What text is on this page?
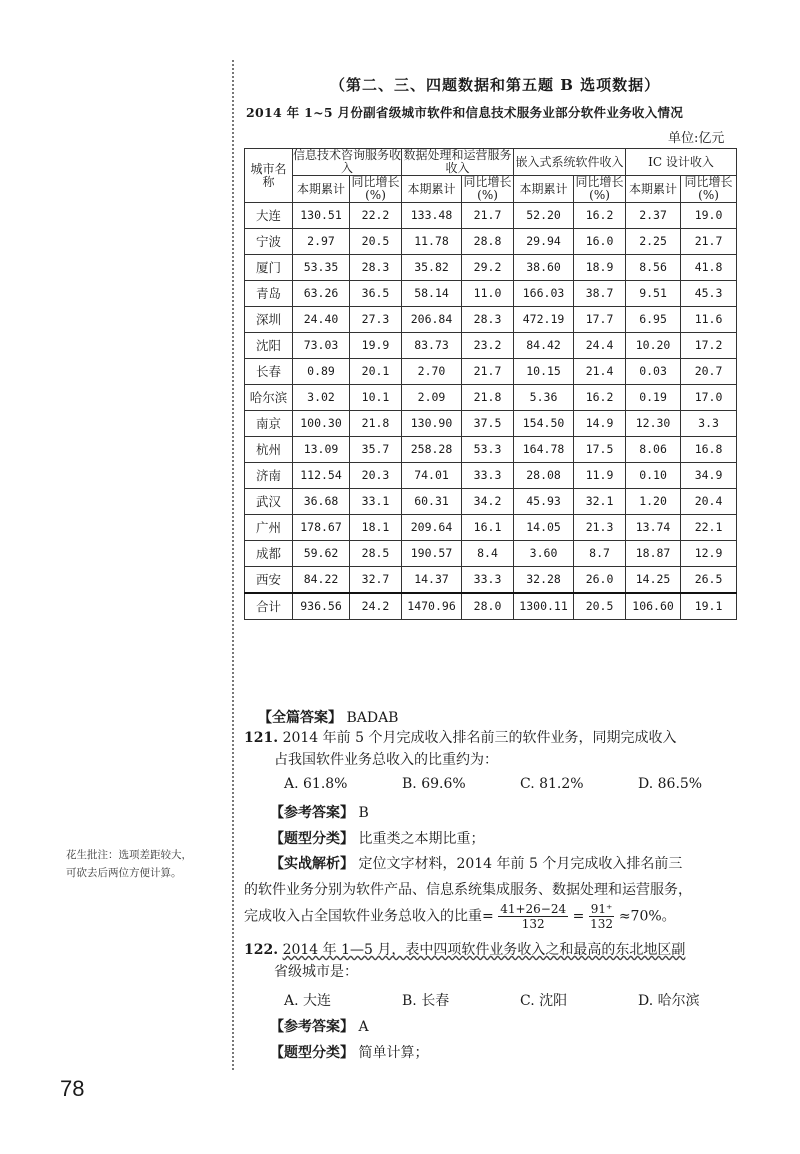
（第二、三、四题数据和第五题 B 选项数据）
2014 年 1~5 月份副省级城市软件和信息技术服务业部分软件业务收入情况
单位:亿元
城市名称	信息技术咨询服务收入		数据处理和运营服务收入		嵌入式系统软件收入		IC 设计收入	

	本期累计	同比增长(%)	本期累计	同比增长(%)	本期累计	同比增长(%)	本期累计	同比增长(%)

大连	130.51	22.2	133.48	21.7	52.20	16.2	2.37	19.0
宁波	2.97	20.5	11.78	28.8	29.94	16.0	2.25	21.7
厦门	53.35	28.3	35.82	29.2	38.60	18.9	8.56	41.8
青岛	63.26	36.5	58.14	11.0	166.03	38.7	9.51	45.3
深圳	24.40	27.3	206.84	28.3	472.19	17.7	6.95	11.6
沈阳	73.03	19.9	83.73	23.2	84.42	24.4	10.20	17.2
长春	0.89	20.1	2.70	21.7	10.15	21.4	0.03	20.7
哈尔滨	3.02	10.1	2.09	21.8	5.36	16.2	0.19	17.0
南京	100.30	21.8	130.90	37.5	154.50	14.9	12.30	3.3
杭州	13.09	35.7	258.28	53.3	164.78	17.5	8.06	16.8
济南	112.54	20.3	74.01	33.3	28.08	11.9	0.10	34.9
武汉	36.68	33.1	60.31	34.2	45.93	32.1	1.20	20.4
广州	178.67	18.1	209.64	16.1	14.05	21.3	13.74	22.1
成都	59.62	28.5	190.57	8.4	3.60	8.7	18.87	12.9
西安	84.22	32.7	14.37	33.3	32.28	26.0	14.25	26.5
合计	936.56	24.2	1470.96	28.0	1300.11	20.5	106.60	19.1
【全篇答案】 BADAB
121. 2014 年前 5 个月完成收入排名前三的软件业务，同期完成收入
占我国软件业务总收入的比重约为：
A. 61.8%	B. 69.6%	C. 81.2%	D. 86.5%
【参考答案】 B
【题型分类】 比重类之本期比重；
【实战解析】 定位文字材料，2014 年前 5 个月完成收入排名前三
的软件业务分别为软件产品、信息系统集成服务、数据处理和运营服务，
完成收入占全国软件业务总收入的比重= $\frac{41+26-24}{132} = \frac{91^+}{132} \approx 70\%$。
122. 2014 年 1—5 月，表中四项软件业务收入之和最高的东北地区副
省级城市是：
A. 大连	B. 长春	C. 沈阳	D. 哈尔滨
【参考答案】 A
【题型分类】 简单计算；
花生批注：选项差距较大，
可砍去后两位方便计算。
78
